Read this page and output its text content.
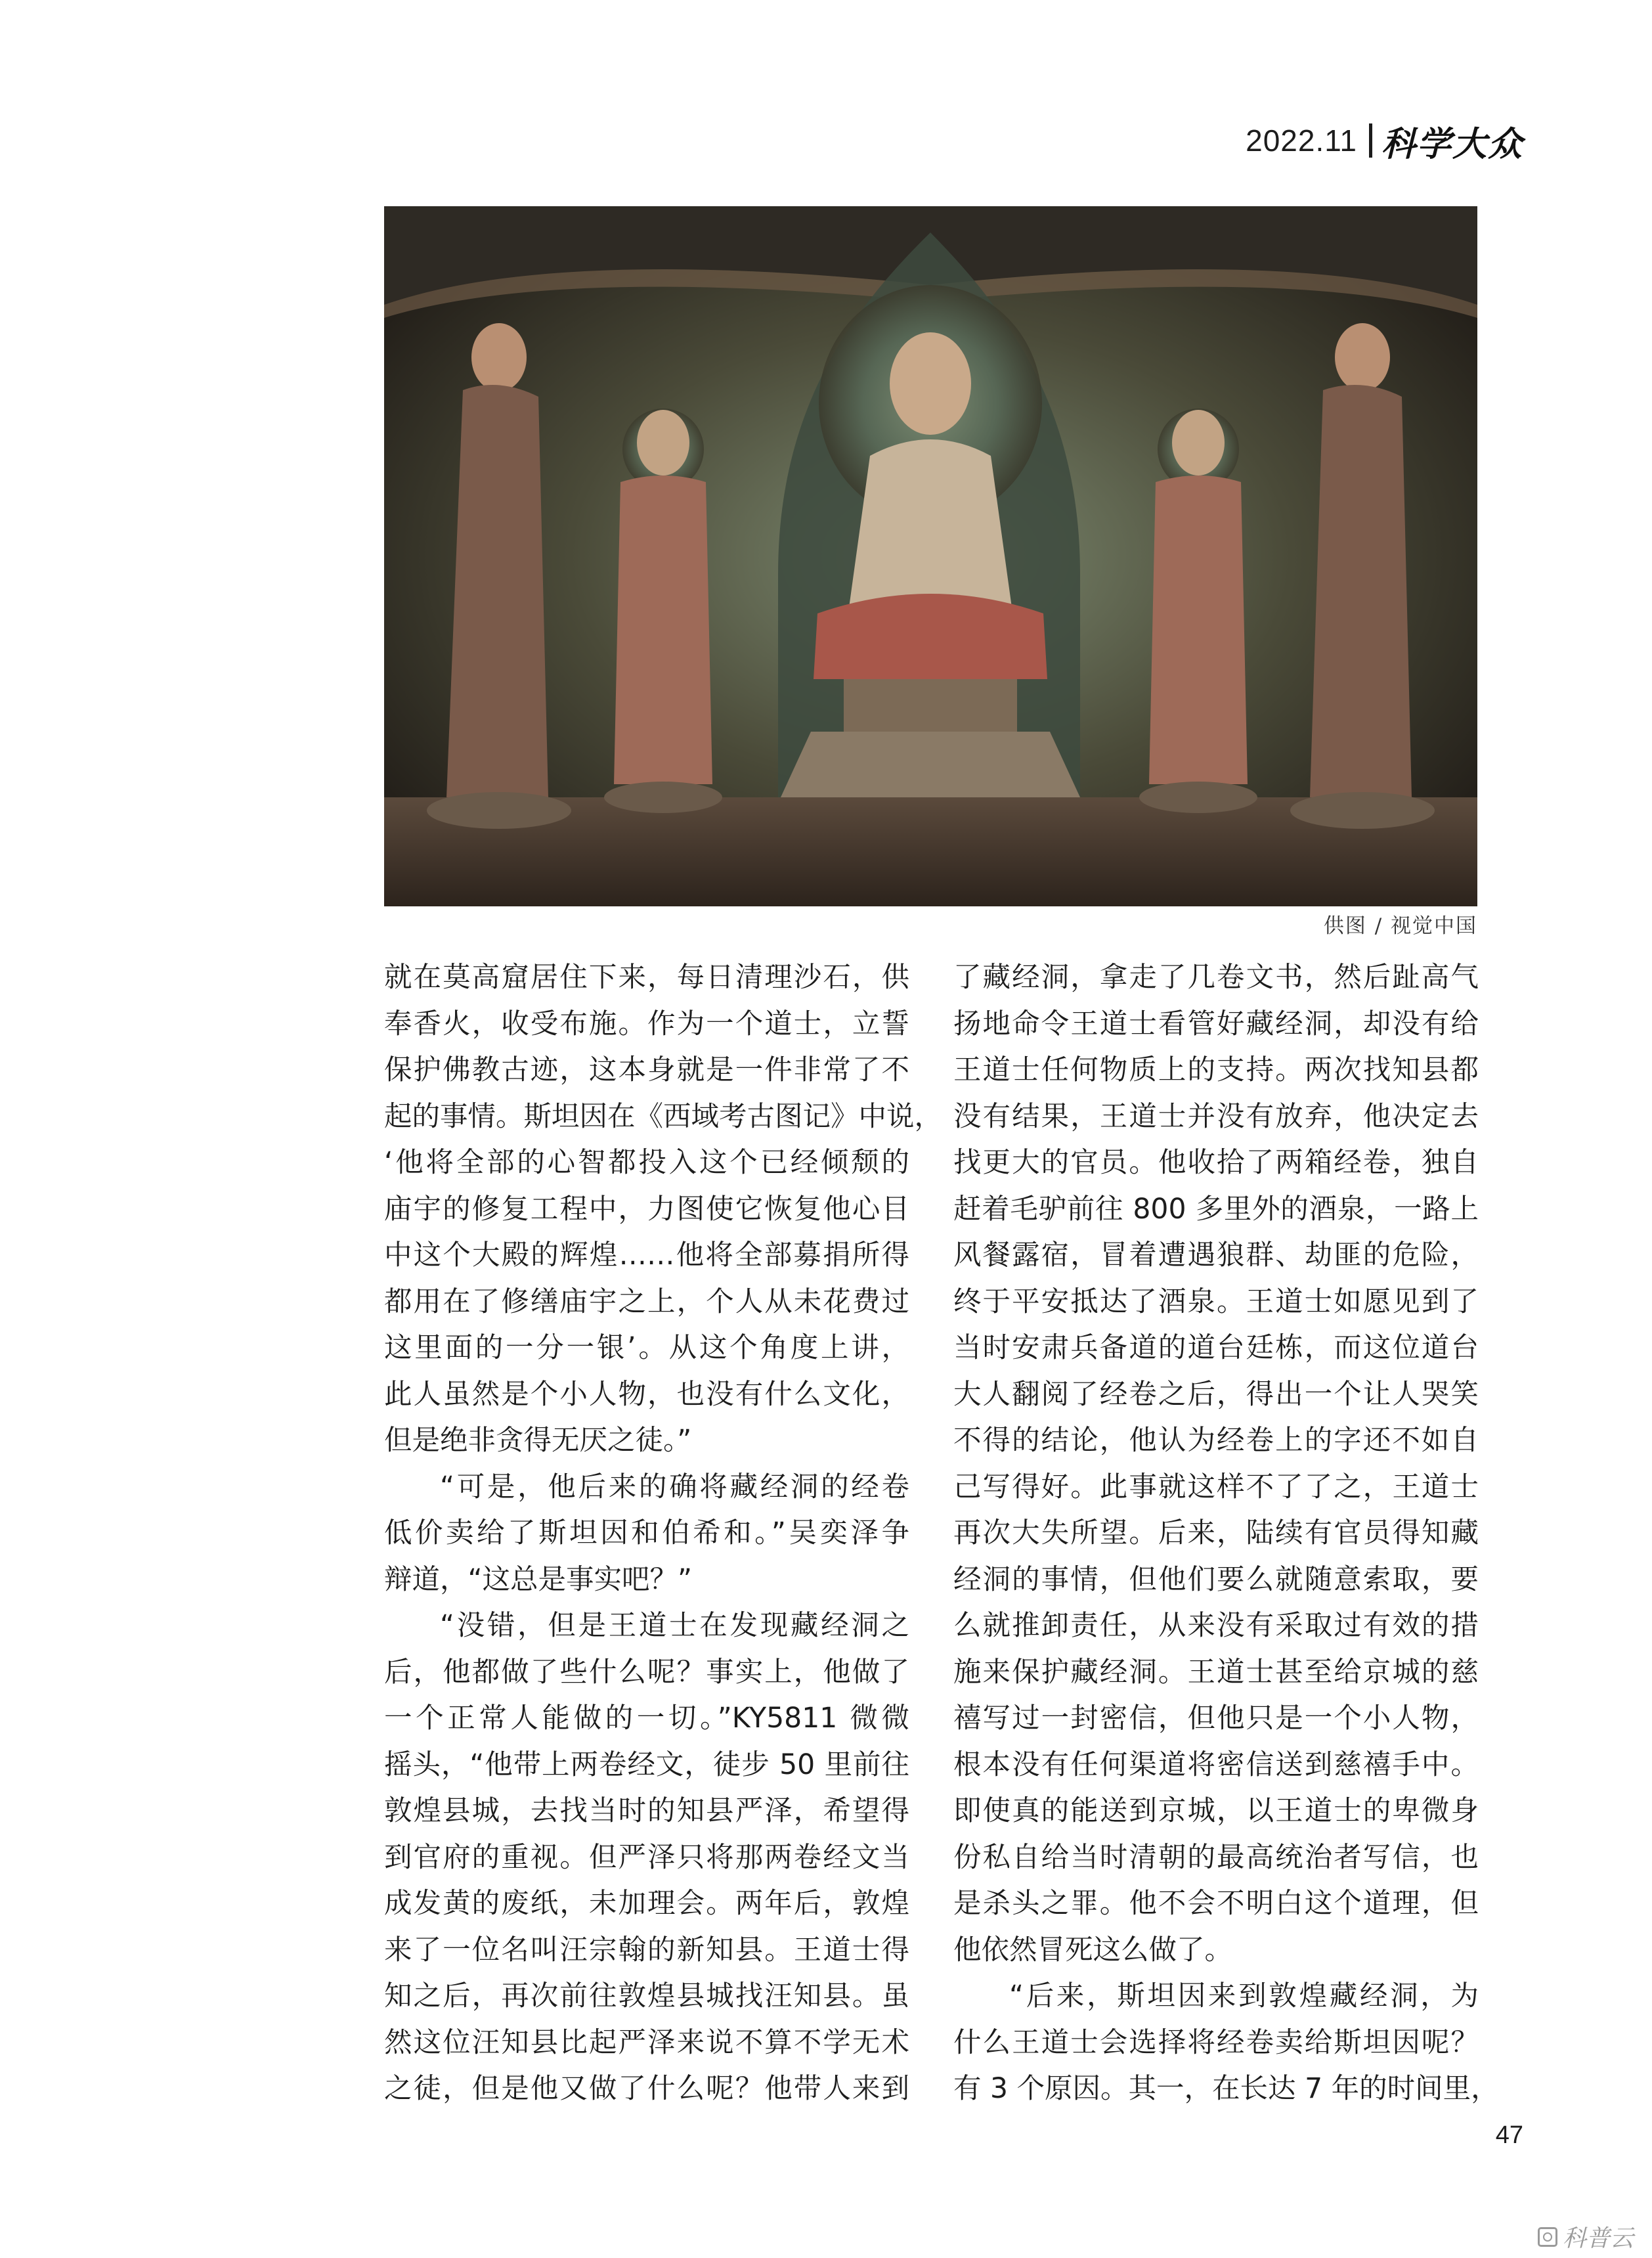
2022.11 科学大众
供图 / 视觉中国
就在莫高窟居住下来，每日清理沙石，供
奉香火，收受布施。作为一个道士，立誓
保护佛教古迹，这本身就是一件非常了不
起的事情。斯坦因在《西域考古图记》中说，
‘他将全部的心智都投入这个已经倾颓的
庙宇的修复工程中，力图使它恢复他心目
中这个大殿的辉煌……他将全部募捐所得
都用在了修缮庙宇之上，个人从未花费过
这里面的一分一银’。从这个角度上讲，
此人虽然是个小人物，也没有什么文化，
但是绝非贪得无厌之徒。”
“可是，他后来的确将藏经洞的经卷
低价卖给了斯坦因和伯希和。”吴奕泽争
辩道，“这总是事实吧？”
“没错，但是王道士在发现藏经洞之
后，他都做了些什么呢？事实上，他做了
一个正常人能做的一切。”KY5811 微微
摇头，“他带上两卷经文，徒步 50 里前往
敦煌县城，去找当时的知县严泽，希望得
到官府的重视。但严泽只将那两卷经文当
成发黄的废纸，未加理会。两年后，敦煌
来了一位名叫汪宗翰的新知县。王道士得
知之后，再次前往敦煌县城找汪知县。虽
然这位汪知县比起严泽来说不算不学无术
之徒，但是他又做了什么呢？他带人来到
了藏经洞，拿走了几卷文书，然后趾高气
扬地命令王道士看管好藏经洞，却没有给
王道士任何物质上的支持。两次找知县都
没有结果，王道士并没有放弃，他决定去
找更大的官员。他收拾了两箱经卷，独自
赶着毛驴前往 800 多里外的酒泉，一路上
风餐露宿，冒着遭遇狼群、劫匪的危险，
终于平安抵达了酒泉。王道士如愿见到了
当时安肃兵备道的道台廷栋，而这位道台
大人翻阅了经卷之后，得出一个让人哭笑
不得的结论，他认为经卷上的字还不如自
己写得好。此事就这样不了了之，王道士
再次大失所望。后来，陆续有官员得知藏
经洞的事情，但他们要么就随意索取，要
么就推卸责任，从来没有采取过有效的措
施来保护藏经洞。王道士甚至给京城的慈
禧写过一封密信，但他只是一个小人物，
根本没有任何渠道将密信送到慈禧手中。
即使真的能送到京城，以王道士的卑微身
份私自给当时清朝的最高统治者写信，也
是杀头之罪。他不会不明白这个道理，但
他依然冒死这么做了。
“后来，斯坦因来到敦煌藏经洞，为
什么王道士会选择将经卷卖给斯坦因呢？
有 3 个原因。其一，在长达 7 年的时间里，
47
科普云
